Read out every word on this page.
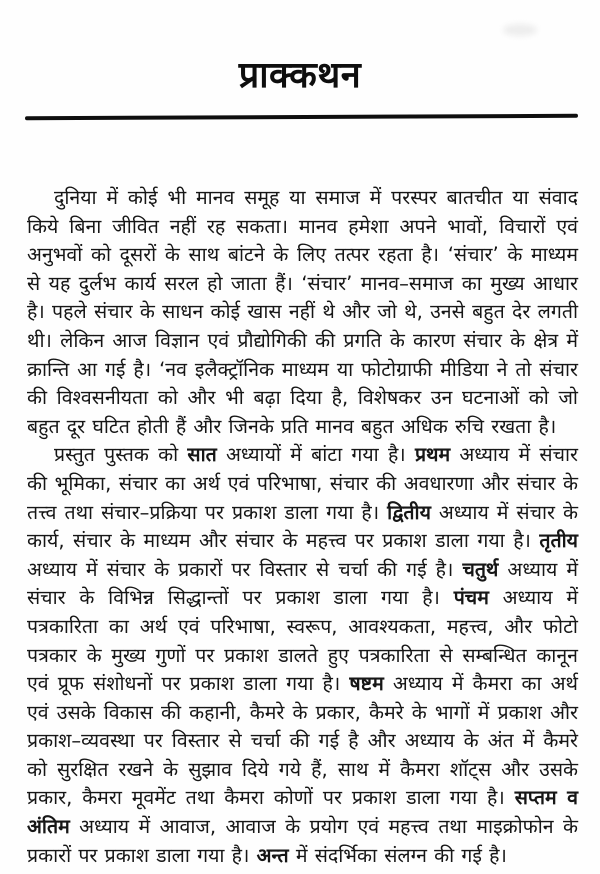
प्राक्कथन

दुनिया में कोई भी मानव समूह या समाज में परस्पर बातचीत या संवाद किये बिना जीवित नहीं रह सकता। मानव हमेशा अपने भावों, विचारों एवं अनुभवों को दूसरों के साथ बांटने के लिए तत्पर रहता है। ‘संचार’ के माध्यम से यह दुर्लभ कार्य सरल हो जाता हैं। ‘संचार’ मानव–समाज का मुख्य आधार है। पहले संचार के साधन कोई खास नहीं थे और जो थे, उनसे बहुत देर लगती थी। लेकिन आज विज्ञान एवं प्रौद्योगिकी की प्रगति के कारण संचार के क्षेत्र में क्रान्ति आ गई है। ‘नव इलैक्ट्रॉनिक माध्यम या फोटोग्राफी मीडिया ने तो संचार की विश्वसनीयता को और भी बढ़ा दिया है, विशेषकर उन घटनाओं को जो बहुत दूर घटित होती हैं और जिनके प्रति मानव बहुत अधिक रुचि रखता है।

प्रस्तुत पुस्तक को सात अध्यायों में बांटा गया है। प्रथम अध्याय में संचार की भूमिका, संचार का अर्थ एवं परिभाषा, संचार की अवधारणा और संचार के तत्त्व तथा संचार–प्रक्रिया पर प्रकाश डाला गया है। द्वितीय अध्याय में संचार के कार्य, संचार के माध्यम और संचार के महत्त्व पर प्रकाश डाला गया है। तृतीय अध्याय में संचार के प्रकारों पर विस्तार से चर्चा की गई है। चतुर्थ अध्याय में संचार के विभिन्न सिद्धान्तों पर प्रकाश डाला गया है। पंचम अध्याय में पत्रकारिता का अर्थ एवं परिभाषा, स्वरूप, आवश्यकता, महत्त्व, और फोटो पत्रकार के मुख्य गुणों पर प्रकाश डालते हुए पत्रकारिता से सम्बन्धित कानून एवं प्रूफ संशोधनों पर प्रकाश डाला गया है। षष्टम अध्याय में कैमरा का अर्थ एवं उसके विकास की कहानी, कैमरे के प्रकार, कैमरे के भागों में प्रकाश और प्रकाश–व्यवस्था पर विस्तार से चर्चा की गई है और अध्याय के अंत में कैमरे को सुरक्षित रखने के सुझाव दिये गये हैं, साथ में कैमरा शॉट्स और उसके प्रकार, कैमरा मूवमेंट तथा कैमरा कोणों पर प्रकाश डाला गया है। सप्तम व अंतिम अध्याय में आवाज, आवाज के प्रयोग एवं महत्त्व तथा माइक्रोफोन के प्रकारों पर प्रकाश डाला गया है। अन्त में संदर्भिका संलग्न की गई है।
